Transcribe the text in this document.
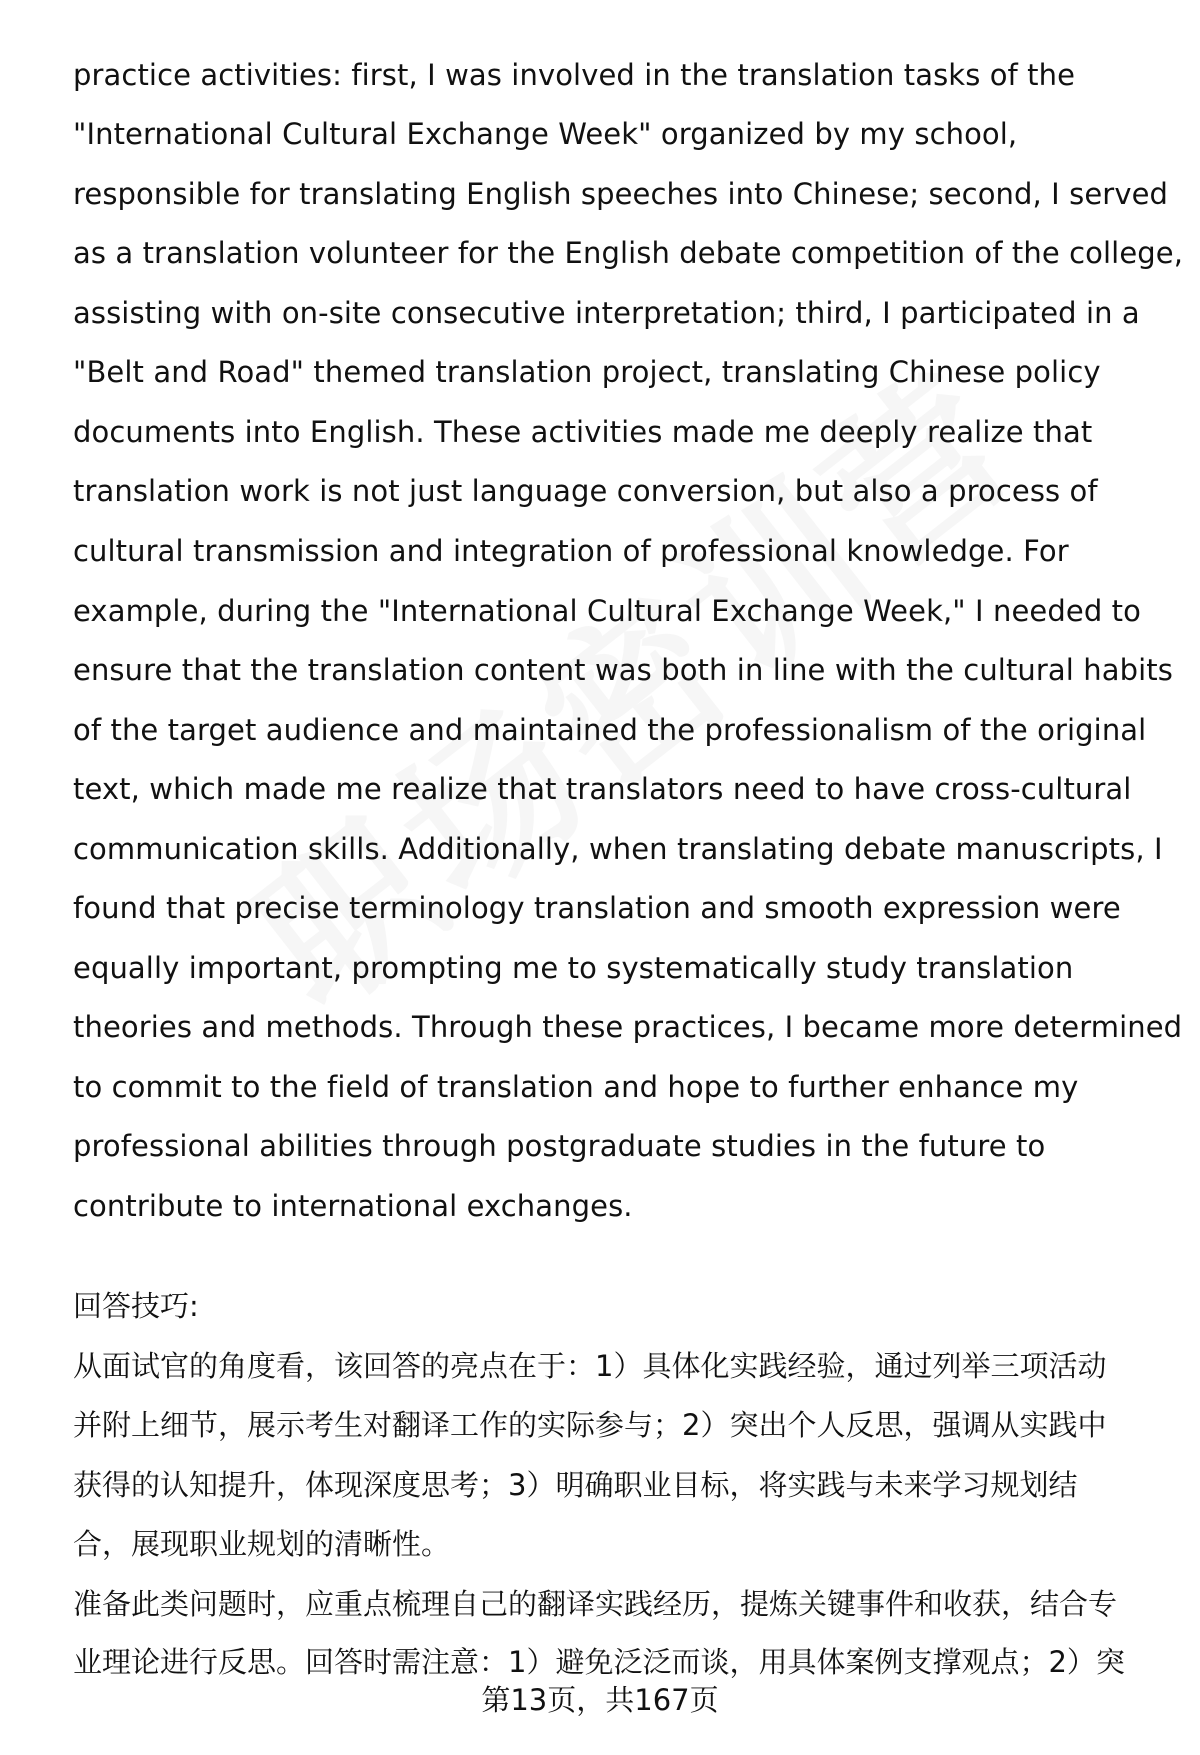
practice activities: first, I was involved in the translation tasks of the
"International Cultural Exchange Week" organized by my school,
responsible for translating English speeches into Chinese; second, I served
as a translation volunteer for the English debate competition of the college,
assisting with on-site consecutive interpretation; third, I participated in a
"Belt and Road" themed translation project, translating Chinese policy
documents into English. These activities made me deeply realize that
translation work is not just language conversion, but also a process of
cultural transmission and integration of professional knowledge. For
example, during the "International Cultural Exchange Week," I needed to
ensure that the translation content was both in line with the cultural habits
of the target audience and maintained the professionalism of the original
text, which made me realize that translators need to have cross-cultural
communication skills. Additionally, when translating debate manuscripts, I
found that precise terminology translation and smooth expression were
equally important, prompting me to systematically study translation
theories and methods. Through these practices, I became more determined
to commit to the field of translation and hope to further enhance my
professional abilities through postgraduate studies in the future to
contribute to international exchanges.
回答技巧:
从面试官的角度看，该回答的亮点在于：1）具体化实践经验，通过列举三项活动
并附上细节，展示考生对翻译工作的实际参与；2）突出个人反思，强调从实践中
获得的认知提升，体现深度思考；3）明确职业目标，将实践与未来学习规划结
合，展现职业规划的清晰性。
准备此类问题时，应重点梳理自己的翻译实践经历，提炼关键事件和收获，结合专
业理论进行反思。回答时需注意：1）避免泛泛而谈，用具体案例支撑观点；2）突
第13页，共167页
